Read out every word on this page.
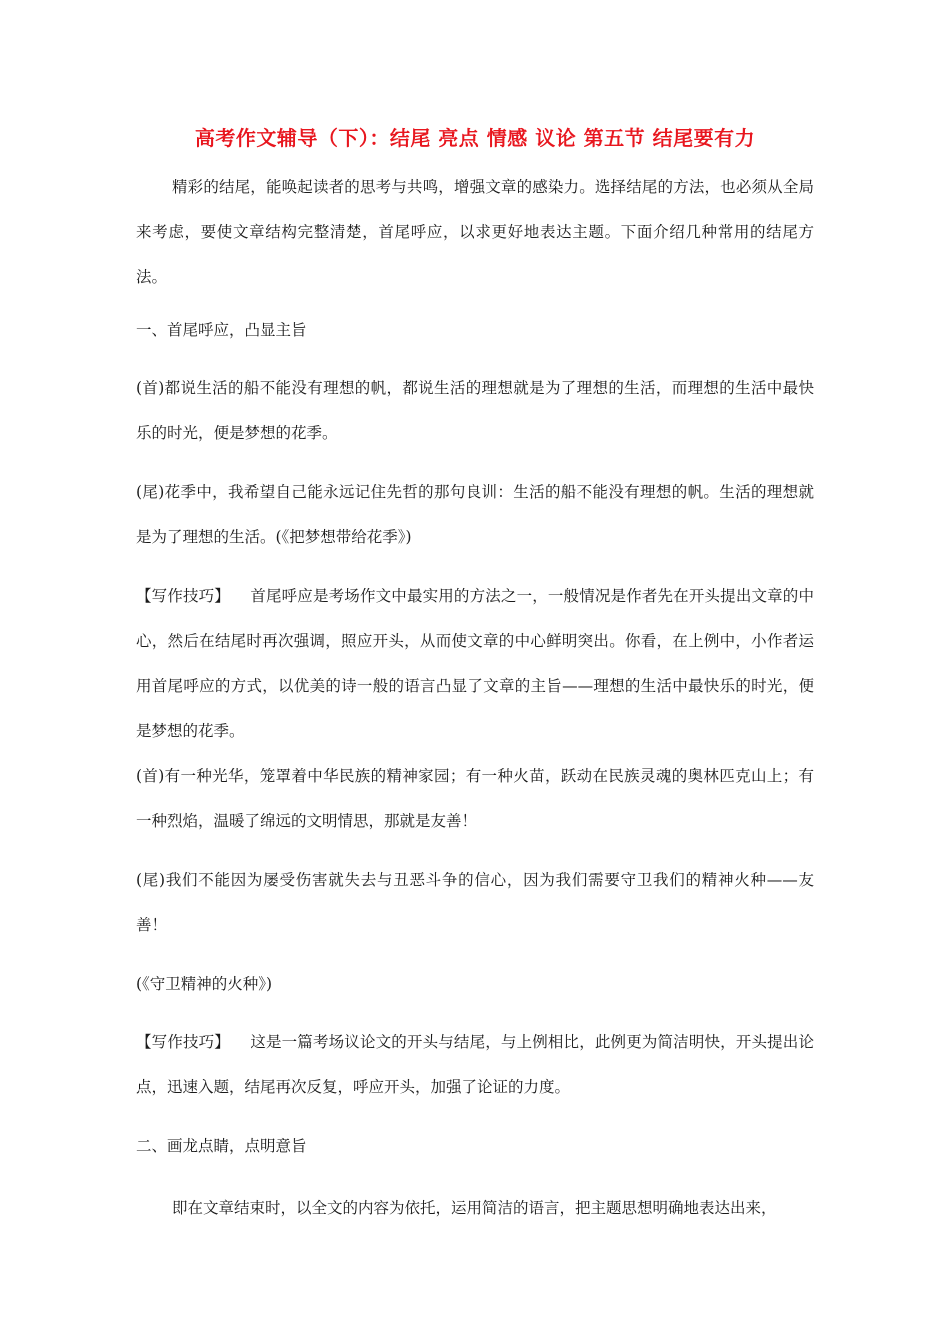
高考作文辅导（下）：结尾 亮点 情感 议论 第五节 结尾要有力

精彩的结尾，能唤起读者的思考与共鸣，增强文章的感染力。选择结尾的方法，也必须从全局来考虑，要使文章结构完整清楚，首尾呼应，以求更好地表达主题。下面介绍几种常用的结尾方法。

一、首尾呼应，凸显主旨

(首)都说生活的船不能没有理想的帆，都说生活的理想就是为了理想的生活，而理想的生活中最快乐的时光，便是梦想的花季。

(尾)花季中，我希望自己能永远记住先哲的那句良训：生活的船不能没有理想的帆。生活的理想就是为了理想的生活。(《把梦想带给花季》)

【写作技巧】 首尾呼应是考场作文中最实用的方法之一，一般情况是作者先在开头提出文章的中心，然后在结尾时再次强调，照应开头，从而使文章的中心鲜明突出。你看，在上例中，小作者运用首尾呼应的方式，以优美的诗一般的语言凸显了文章的主旨——理想的生活中最快乐的时光，便是梦想的花季。

(首)有一种光华，笼罩着中华民族的精神家园；有一种火苗，跃动在民族灵魂的奥林匹克山上；有一种烈焰，温暖了绵远的文明情思，那就是友善！

(尾)我们不能因为屡受伤害就失去与丑恶斗争的信心，因为我们需要守卫我们的精神火种——友善！

(《守卫精神的火种》)

【写作技巧】 这是一篇考场议论文的开头与结尾，与上例相比，此例更为简洁明快，开头提出论点，迅速入题，结尾再次反复，呼应开头，加强了论证的力度。

二、画龙点睛，点明意旨

即在文章结束时，以全文的内容为依托，运用简洁的语言，把主题思想明确地表达出来，
